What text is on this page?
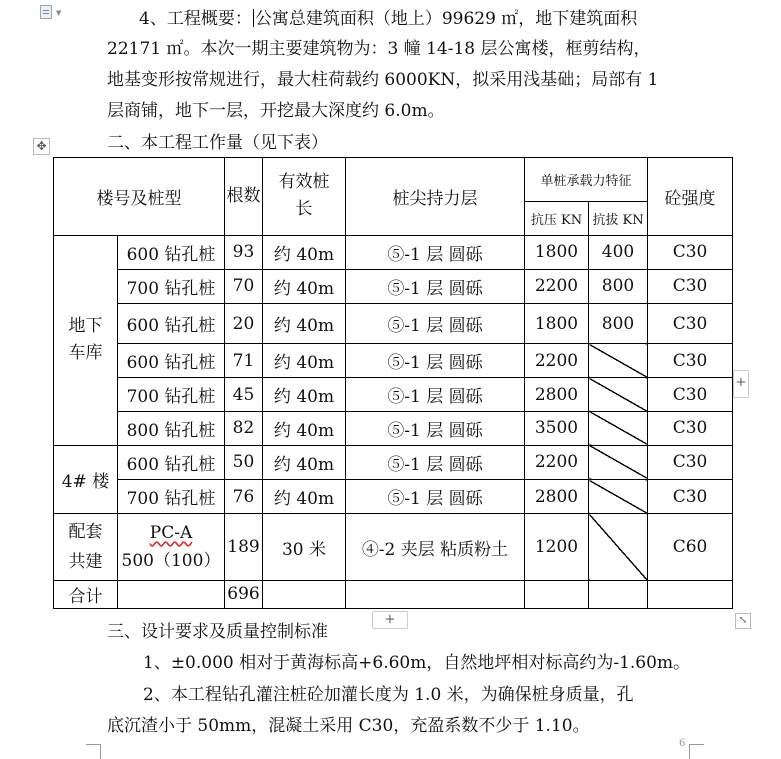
▼	4、工程概要： 公寓总建筑面积（地上）99629 ㎡，地下建筑面积
22171 ㎡。本次一期主要建筑物为：3 幢 14-18 层公寓楼，框剪结构，
地基变形按常规进行，最大柱荷载约 6000KN，拟采用浅基础；局部有 1
层商铺，地下一层，开挖最大深度约 6.0m。
二、本工程工作量（见下表）
✥
楼号及桩型		根数	有效桩长	桩尖持力层	单桩承载力特征		砼强度
					抗压 KN	抗拔 KN	
地下车库	600 钻孔桩	93	约 40m	⑤-1 层 圆砾	1800	400	C30
	700 钻孔桩	70	约 40m	⑤-1 层 圆砾	2200	800	C30
	600 钻孔桩	20	约 40m	⑤-1 层 圆砾	1800	800	C30
	600 钻孔桩	71	约 40m	⑤-1 层 圆砾	2200		C30
	700 钻孔桩	45	约 40m	⑤-1 层 圆砾	2800		C30
	800 钻孔桩	82	约 40m	⑤-1 层 圆砾	3500		C30
4# 楼	600 钻孔桩	50	约 40m	⑤-1 层 圆砾	2200		C30
	700 钻孔桩	76	约 40m	⑤-1 层 圆砾	2800		C30
配套共建	PC-A
500（100）	189	30 米	④-2 夹层 粘质粉土	1200		C60
合计		696					
+
+	⤡
三、设计要求及质量控制标准
1、±0.000 相对于黄海标高+6.60m，自然地坪相对标高约为-1.60m。
2、本工程钻孔灌注桩砼加灌长度为 1.0 米，为确保桩身质量，孔
底沉渣小于 50mm，混凝土采用 C30，充盈系数不少于 1.10。
6
